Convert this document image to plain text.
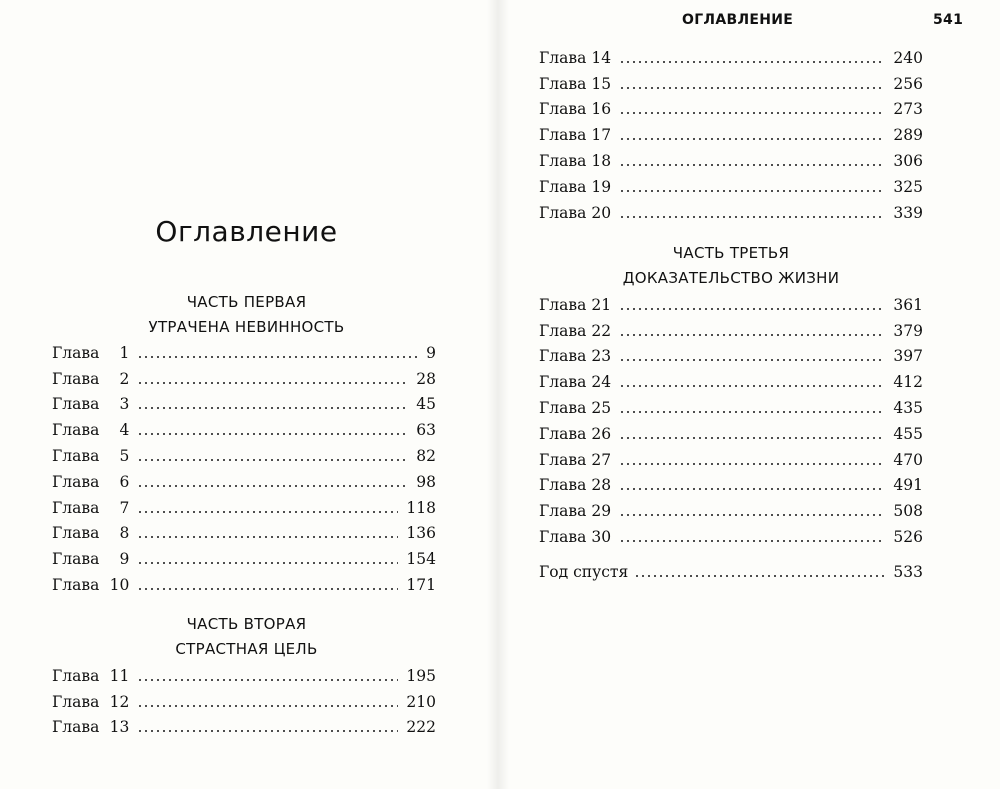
ОГЛАВЛЕНИЕ	541
Оглавление
ЧАСТЬ ПЕРВАЯ
УТРАЧЕНА НЕВИННОСТЬ
Глава 1	9
Глава 2	28
Глава 3	45
Глава 4	63
Глава 5	82
Глава 6	98
Глава 7	118
Глава 8	136
Глава 9	154
Глава 10	171
ЧАСТЬ ВТОРАЯ
СТРАСТНАЯ ЦЕЛЬ
Глава 11	195
Глава 12	210
Глава 13	222
Глава 14	240
Глава 15	256
Глава 16	273
Глава 17	289
Глава 18	306
Глава 19	325
Глава 20	339
ЧАСТЬ ТРЕТЬЯ
ДОКАЗАТЕЛЬСТВО ЖИЗНИ
Глава 21	361
Глава 22	379
Глава 23	397
Глава 24	412
Глава 25	435
Глава 26	455
Глава 27	470
Глава 28	491
Глава 29	508
Глава 30	526
Год спустя	533
